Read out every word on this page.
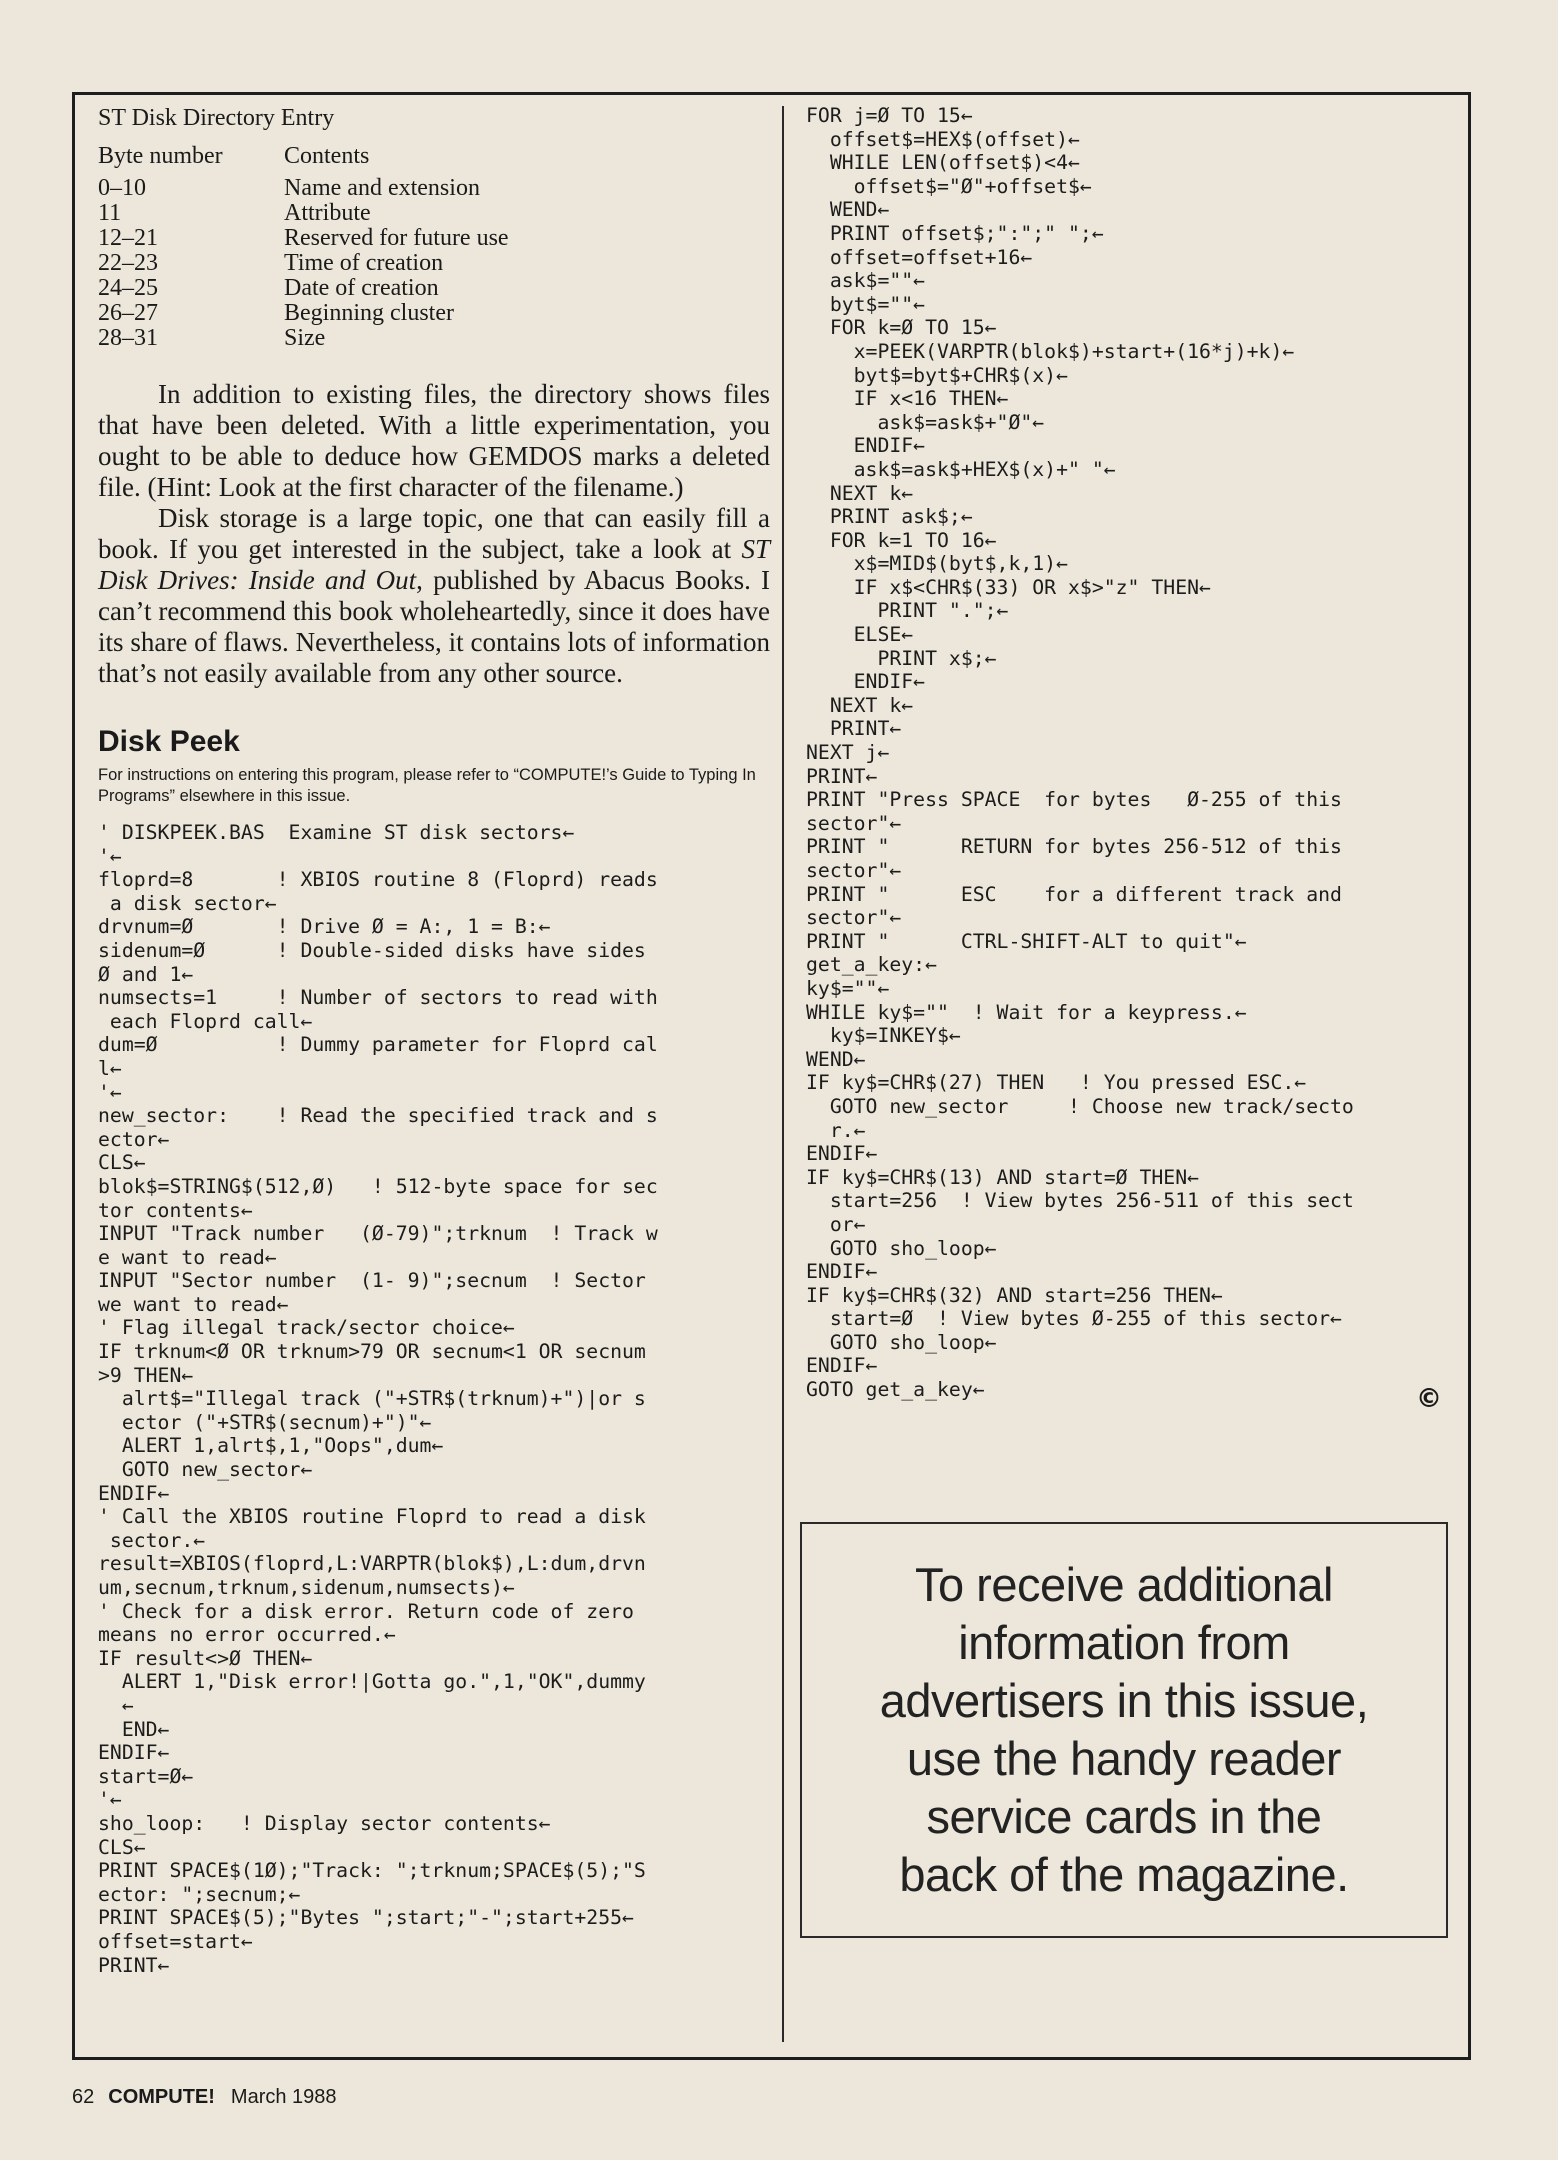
ST Disk Directory Entry
Byte number	Contents
0–10	Name and extension
11	Attribute
12–21	Reserved for future use
22–23	Time of creation
24–25	Date of creation
26–27	Beginning cluster
28–31	Size

In addition to existing files, the directory shows files that have been deleted. With a little experimentation, you ought to be able to deduce how GEMDOS marks a deleted file. (Hint: Look at the first character of the filename.)

Disk storage is a large topic, one that can easily fill a book. If you get interested in the subject, take a look at ST Disk Drives: Inside and Out, published by Abacus Books. I can’t recommend this book wholeheartedly, since it does have its share of flaws. Nevertheless, it contains lots of information that’s not easily available from any other source.

Disk Peek
For instructions on entering this program, please refer to “COMPUTE!’s Guide to Typing In Programs” elsewhere in this issue.
' DISKPEEK.BAS  Examine ST disk sectors←
'←
floprd=8       ! XBIOS routine 8 (Floprd) reads
a disk sector←
drvnum=Ø       ! Drive Ø = A:, 1 = B:←
sidenum=Ø      ! Double-sided disks have sides
Ø and 1←
numsects=1     ! Number of sectors to read with
each Floprd call←
dum=Ø          ! Dummy parameter for Floprd cal
l←
'←
new_sector:    ! Read the specified track and s
ector←
CLS←
blok$=STRING$(512,Ø)   ! 512-byte space for sec
tor contents←
INPUT "Track number   (Ø-79)";trknum  ! Track w
e want to read←
INPUT "Sector number  (1- 9)";secnum  ! Sector
we want to read←
' Flag illegal track/sector choice←
IF trknum<Ø OR trknum>79 OR secnum<1 OR secnum
>9 THEN←
alrt$="Illegal track ("+STR$(trknum)+")|or s
ector ("+STR$(secnum)+")"←
ALERT 1,alrt$,1,"Oops",dum←
GOTO new_sector←
ENDIF←
' Call the XBIOS routine Floprd to read a disk
sector.←
result=XBIOS(floprd,L:VARPTR(blok$),L:dum,drvn
um,secnum,trknum,sidenum,numsects)←
' Check for a disk error. Return code of zero
means no error occurred.←
IF result<>Ø THEN←
ALERT 1,"Disk error!|Gotta go.",1,"OK",dummy
←
END←
ENDIF←
start=Ø←
'←
sho_loop:   ! Display sector contents←
CLS←
PRINT SPACE$(1Ø);"Track: ";trknum;SPACE$(5);"S
ector: ";secnum;←
PRINT SPACE$(5);"Bytes ";start;"-";start+255←
offset=start←
PRINT←
FOR j=Ø TO 15←
offset$=HEX$(offset)←
WHILE LEN(offset$)<4←
offset$="Ø"+offset$←
WEND←
PRINT offset$;":";" ";←
offset=offset+16←
ask$=""←
byt$=""←
FOR k=Ø TO 15←
x=PEEK(VARPTR(blok$)+start+(16*j)+k)←
byt$=byt$+CHR$(x)←
IF x<16 THEN←
ask$=ask$+"Ø"←
ENDIF←
ask$=ask$+HEX$(x)+" "←
NEXT k←
PRINT ask$;←
FOR k=1 TO 16←
x$=MID$(byt$,k,1)←
IF x$<CHR$(33) OR x$>"z" THEN←
PRINT ".";←
ELSE←
PRINT x$;←
ENDIF←
NEXT k←
PRINT←
NEXT j←
PRINT←
PRINT "Press SPACE  for bytes   Ø-255 of this
sector"←
PRINT "      RETURN for bytes 256-512 of this
sector"←
PRINT "      ESC    for a different track and
sector"←
PRINT "      CTRL-SHIFT-ALT to quit"←
get_a_key:←
ky$=""←
WHILE ky$=""  ! Wait for a keypress.←
ky$=INKEY$←
WEND←
IF ky$=CHR$(27) THEN   ! You pressed ESC.←
GOTO new_sector     ! Choose new track/secto
r.←
ENDIF←
IF ky$=CHR$(13) AND start=Ø THEN←
start=256  ! View bytes 256-511 of this sect
or←
GOTO sho_loop←
ENDIF←
IF ky$=CHR$(32) AND start=256 THEN←
start=Ø  ! View bytes Ø-255 of this sector←
GOTO sho_loop←
ENDIF←
GOTO get_a_key←	©
To receive additional
information from
advertisers in this issue,
use the handy reader
service cards in the
back of the magazine.
62 COMPUTE! March 1988
